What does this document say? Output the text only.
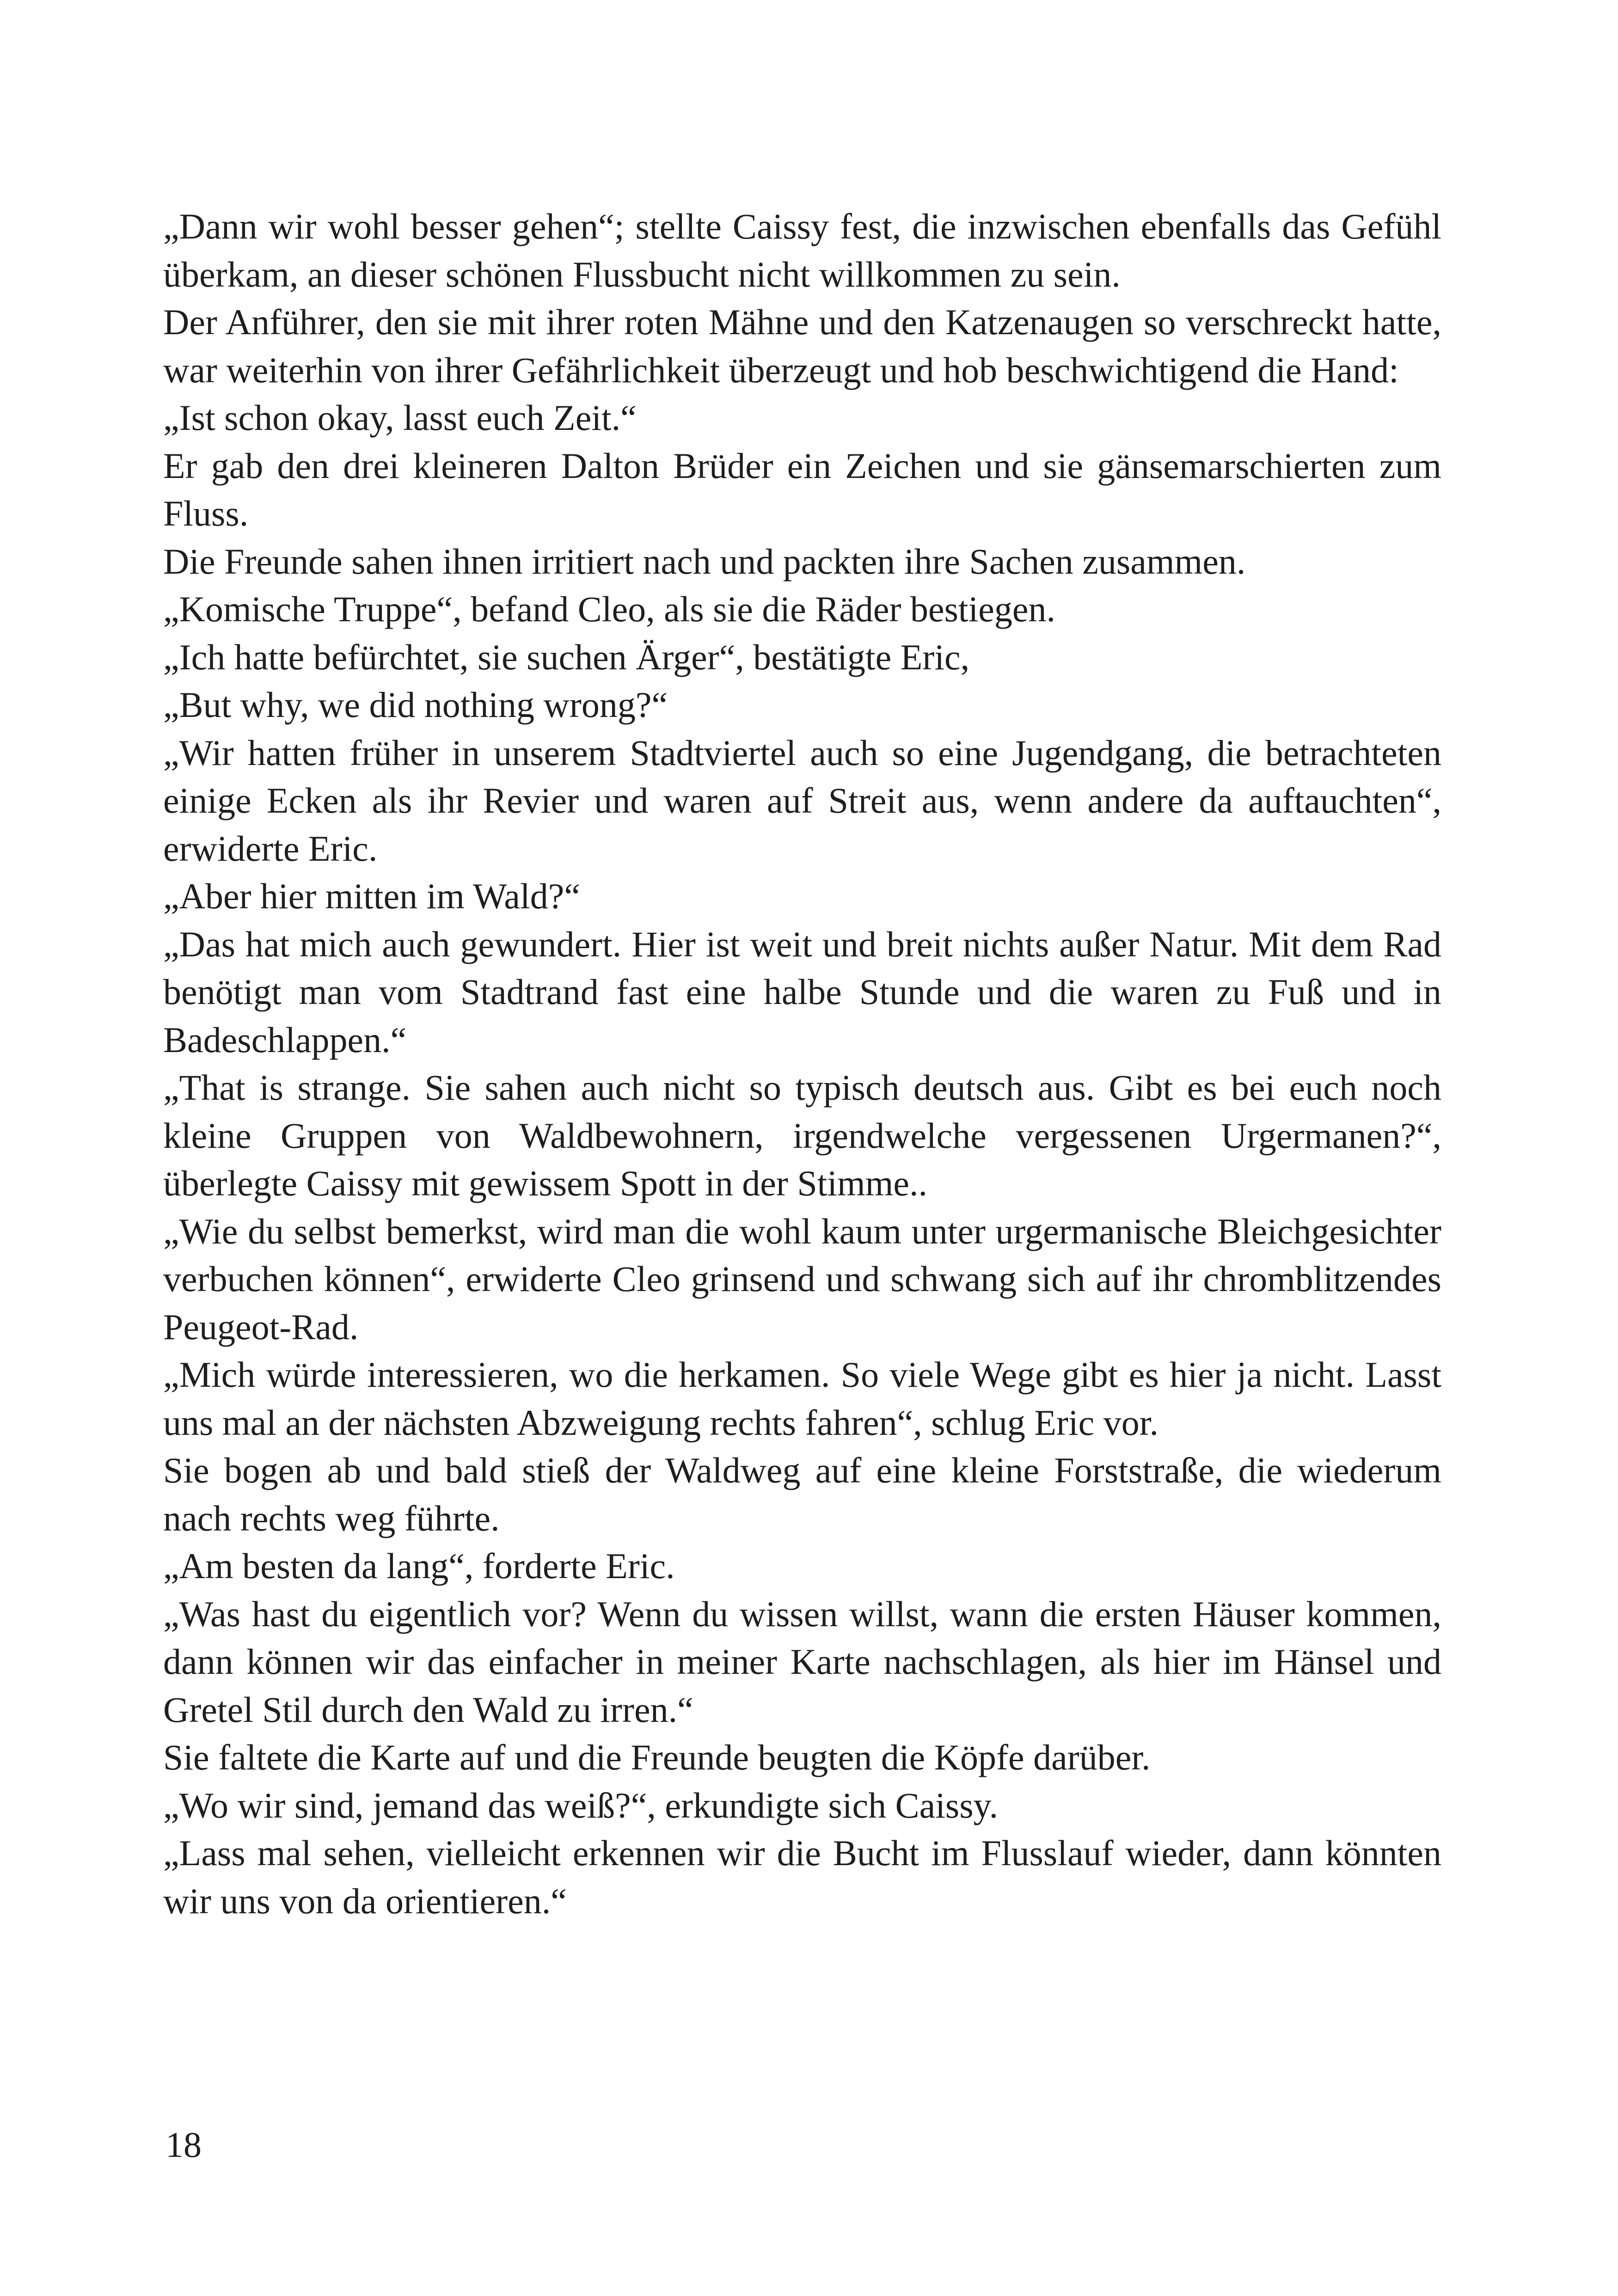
„Dann wir wohl besser gehen“; stellte Caissy fest, die inzwischen ebenfalls das Gefühl überkam, an dieser schönen Flussbucht nicht willkommen zu sein.

Der Anführer, den sie mit ihrer roten Mähne und den Katzenaugen so verschreckt hatte, war weiterhin von ihrer Gefährlichkeit überzeugt und hob beschwichtigend die Hand:

„Ist schon okay, lasst euch Zeit.“

Er gab den drei kleineren Dalton Brüder ein Zeichen und sie gänsemarschierten zum Fluss.

Die Freunde sahen ihnen irritiert nach und packten ihre Sachen zusammen.

„Komische Truppe“, befand Cleo, als sie die Räder bestiegen.

„Ich hatte befürchtet, sie suchen Ärger“, bestätigte Eric,

„But why, we did nothing wrong?“

„Wir hatten früher in unserem Stadtviertel auch so eine Jugendgang, die betrachteten einige Ecken als ihr Revier und waren auf Streit aus, wenn andere da auftauchten“, erwiderte Eric.

„Aber hier mitten im Wald?“

„Das hat mich auch gewundert. Hier ist weit und breit nichts außer Natur. Mit dem Rad benötigt man vom Stadtrand fast eine halbe Stunde und die waren zu Fuß und in Badeschlappen.“

„That is strange. Sie sahen auch nicht so typisch deutsch aus. Gibt es bei euch noch kleine Gruppen von Waldbewohnern, irgendwelche vergessenen Urgermanen?“, überlegte Caissy mit gewissem Spott in der Stimme..

„Wie du selbst bemerkst, wird man die wohl kaum unter urgermanische Bleichgesichter verbuchen können“, erwiderte Cleo grinsend und schwang sich auf ihr chromblitzendes Peugeot-Rad.

„Mich würde interessieren, wo die herkamen. So viele Wege gibt es hier ja nicht. Lasst uns mal an der nächsten Abzweigung rechts fahren“, schlug Eric vor.

Sie bogen ab und bald stieß der Waldweg auf eine kleine Forststraße, die wiederum nach rechts weg führte.

„Am besten da lang“, forderte Eric.

„Was hast du eigentlich vor? Wenn du wissen willst, wann die ersten Häuser kommen, dann können wir das einfacher in meiner Karte nachschlagen, als hier im Hänsel und Gretel Stil durch den Wald zu irren.“

Sie faltete die Karte auf und die Freunde beugten die Köpfe darüber.

„Wo wir sind, jemand das weiß?“, erkundigte sich Caissy.

„Lass mal sehen, vielleicht erkennen wir die Bucht im Flusslauf wieder, dann könnten wir uns von da orientieren.“

18
